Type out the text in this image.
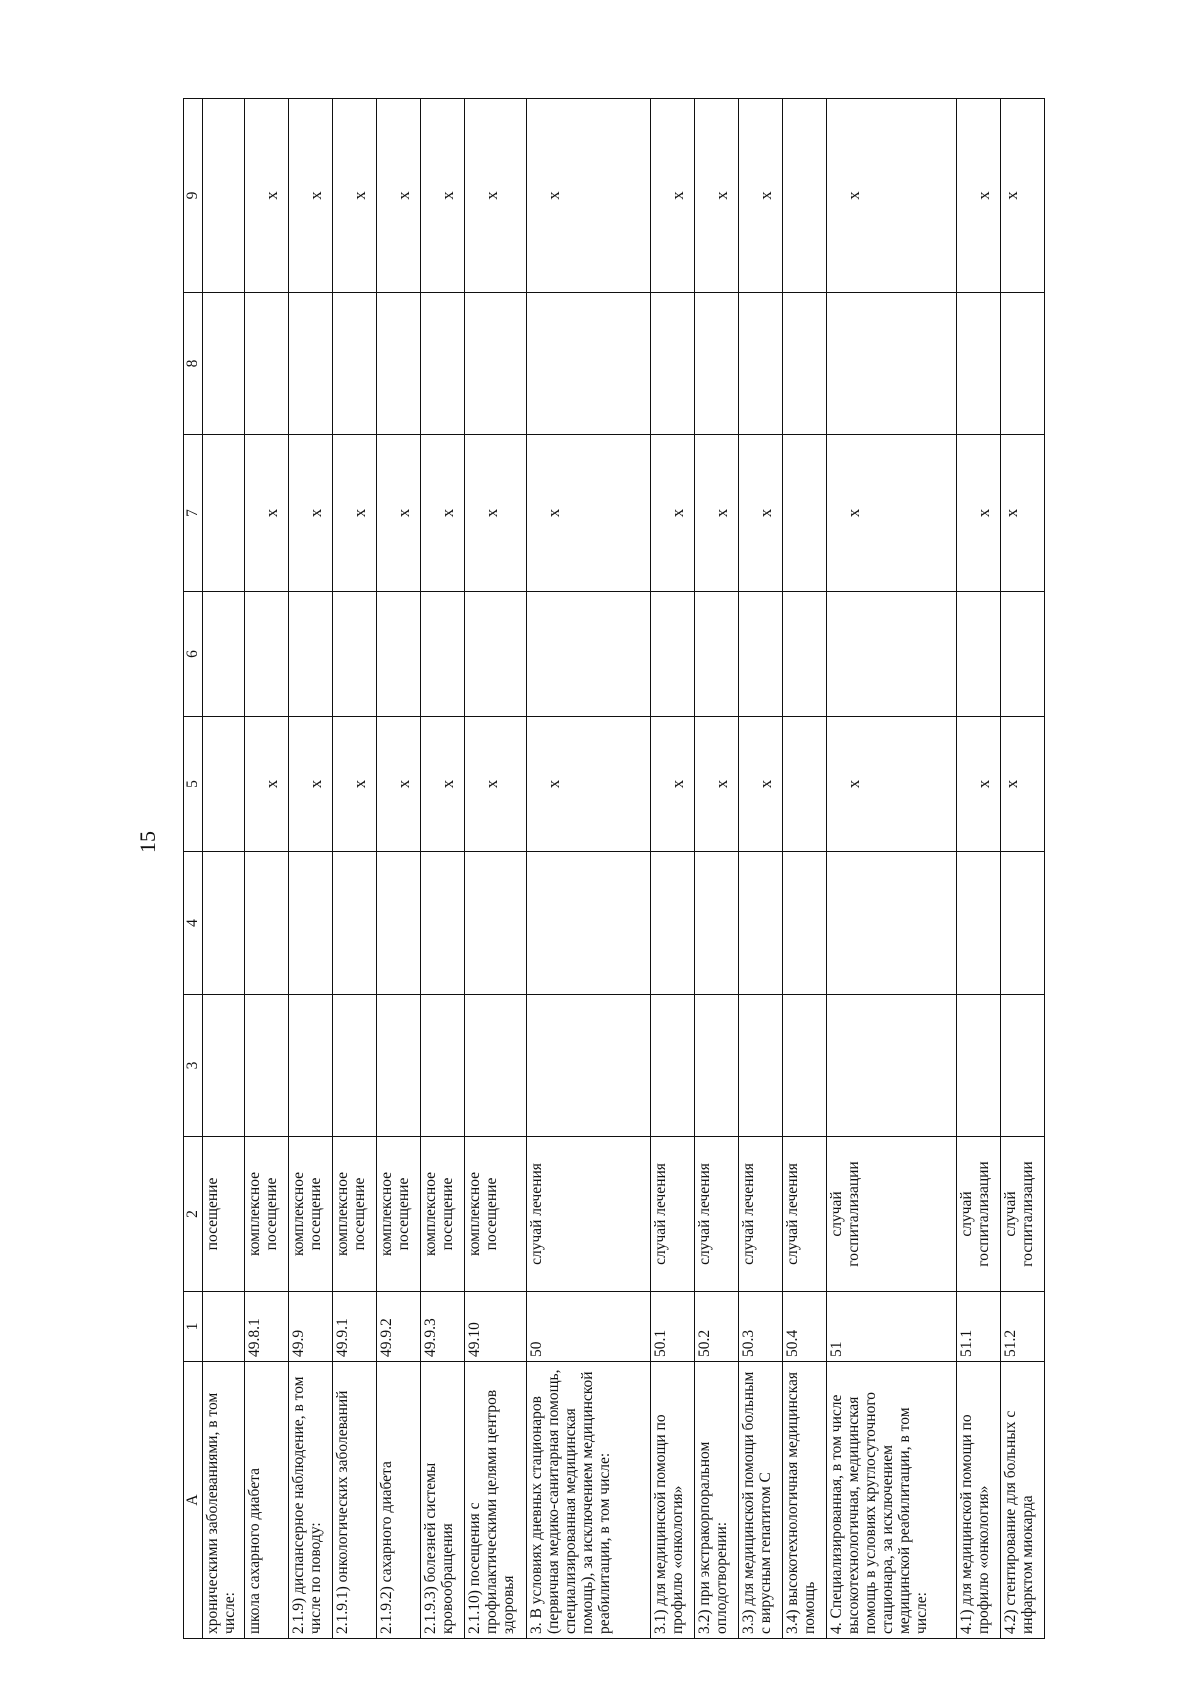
15
A	1	2	3	4	5	6	7	8	9
хроническими заболеваниями, в том числе:		посещение							
школа сахарного диабета	49.8.1	комплексное посещение			х		х		х
2.1.9) диспансерное наблюдение, в том числе по поводу:	49.9	комплексное посещение			х		х		х
2.1.9.1) онкологических заболеваний	49.9.1	комплексное посещение			х		х		х
2.1.9.2) сахарного диабета	49.9.2	комплексное посещение			х		х		х
2.1.9.3) болезней системы кровообращения	49.9.3	комплексное посещение			х		х		х
2.1.10) посещения с профилактическими целями центров здоровья	49.10	комплексное посещение			х		х		х
3. В условиях дневных стационаров (первичная медико-санитарная помощь, специализированная медицинская помощь), за исключением медицинской реабилитации, в том числе:	50	случай лечения			х		х		х
3.1) для медицинской помощи по профилю «онкология»	50.1	случай лечения			х		х		х
3.2) при экстракорпоральном оплодотворении:	50.2	случай лечения			х		х		х
3.3) для медицинской помощи больным с вирусным гепатитом С	50.3	случай лечения			х		х		х
3.4) высокотехнологичная медицинская помощь	50.4	случай лечения							
4. Специализированная, в том числе высокотехнологичная, медицинская помощь в условиях круглосуточного стационара, за исключением медицинской реабилитации, в том числе:	51	случай госпитализации			х		х		х
4.1) для медицинской помощи по профилю «онкология»	51.1	случай госпитализации			х		х		х
4.2) стентирование для больных с инфарктом миокарда	51.2	случай госпитализации			х		х		х
